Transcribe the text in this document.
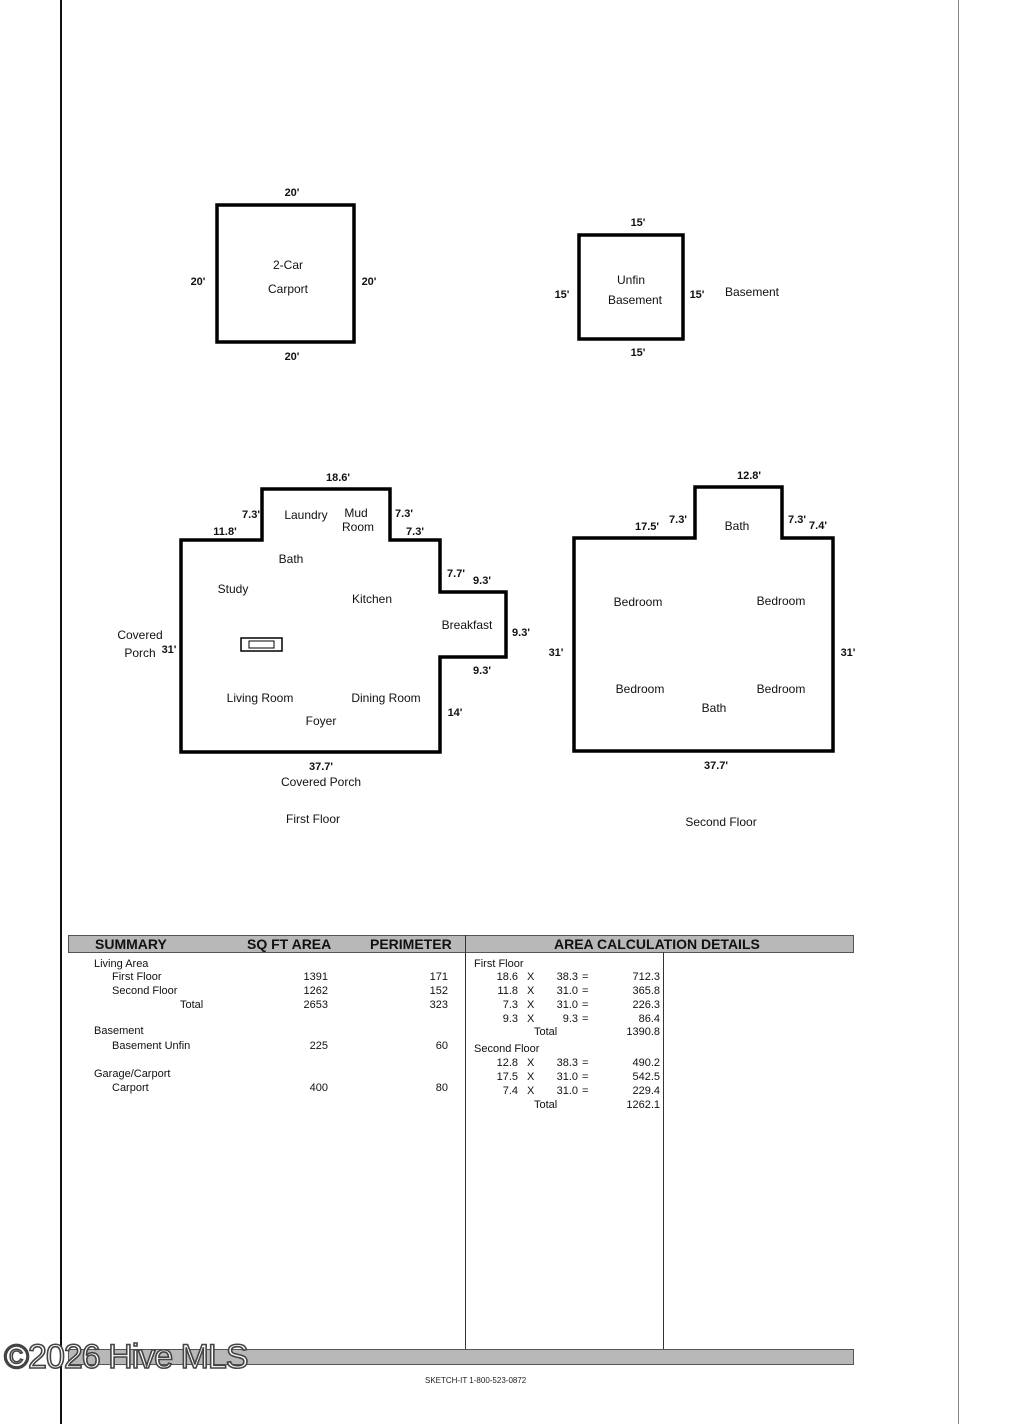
2-Car
Carport
20'
20'
20'	20'	Unfin
Basement
15'
15'
15'	15' Basement
Laundry Mud
Room
Bath
Study
Kitchen
Breakfast
Living Room	Dining Room
Foyer
Covered
Porch
Covered Porch
18.6'
7.3'
11.8'
7.3'
7.3'
7.7'
9.3'
9.3'
9.3'
31'
14'
37.7'
First Floor
Bath
Bedroom	Bedroom
Bedroom	Bedroom
Bath
12.8'
17.5'
7.3'	7.3' 7.4'
31'	31'
37.7'
Second Floor
SUMMARY	SQ FT AREA	PERIMETER	AREA CALCULATION DETAILS
Living Area
First Floor	1391	171
Second Floor	1262	152
Total	2653	323
Basement
Basement Unfin	225	60
Garage/Carport
Carport	400	80
First Floor
18.6 X	38.3 =	712.3
11.8 X	31.0 =	365.8
7.3 X	31.0 =	226.3
9.3 X	9.3 =	86.4
Total	1390.8
Second Floor
12.8 X	38.3 =	490.2
17.5 X	31.0 =	542.5
7.4 X	31.0 =	229.4
Total	1262.1
©2026 Hive MLS
SKETCH-IT 1-800-523-0872
